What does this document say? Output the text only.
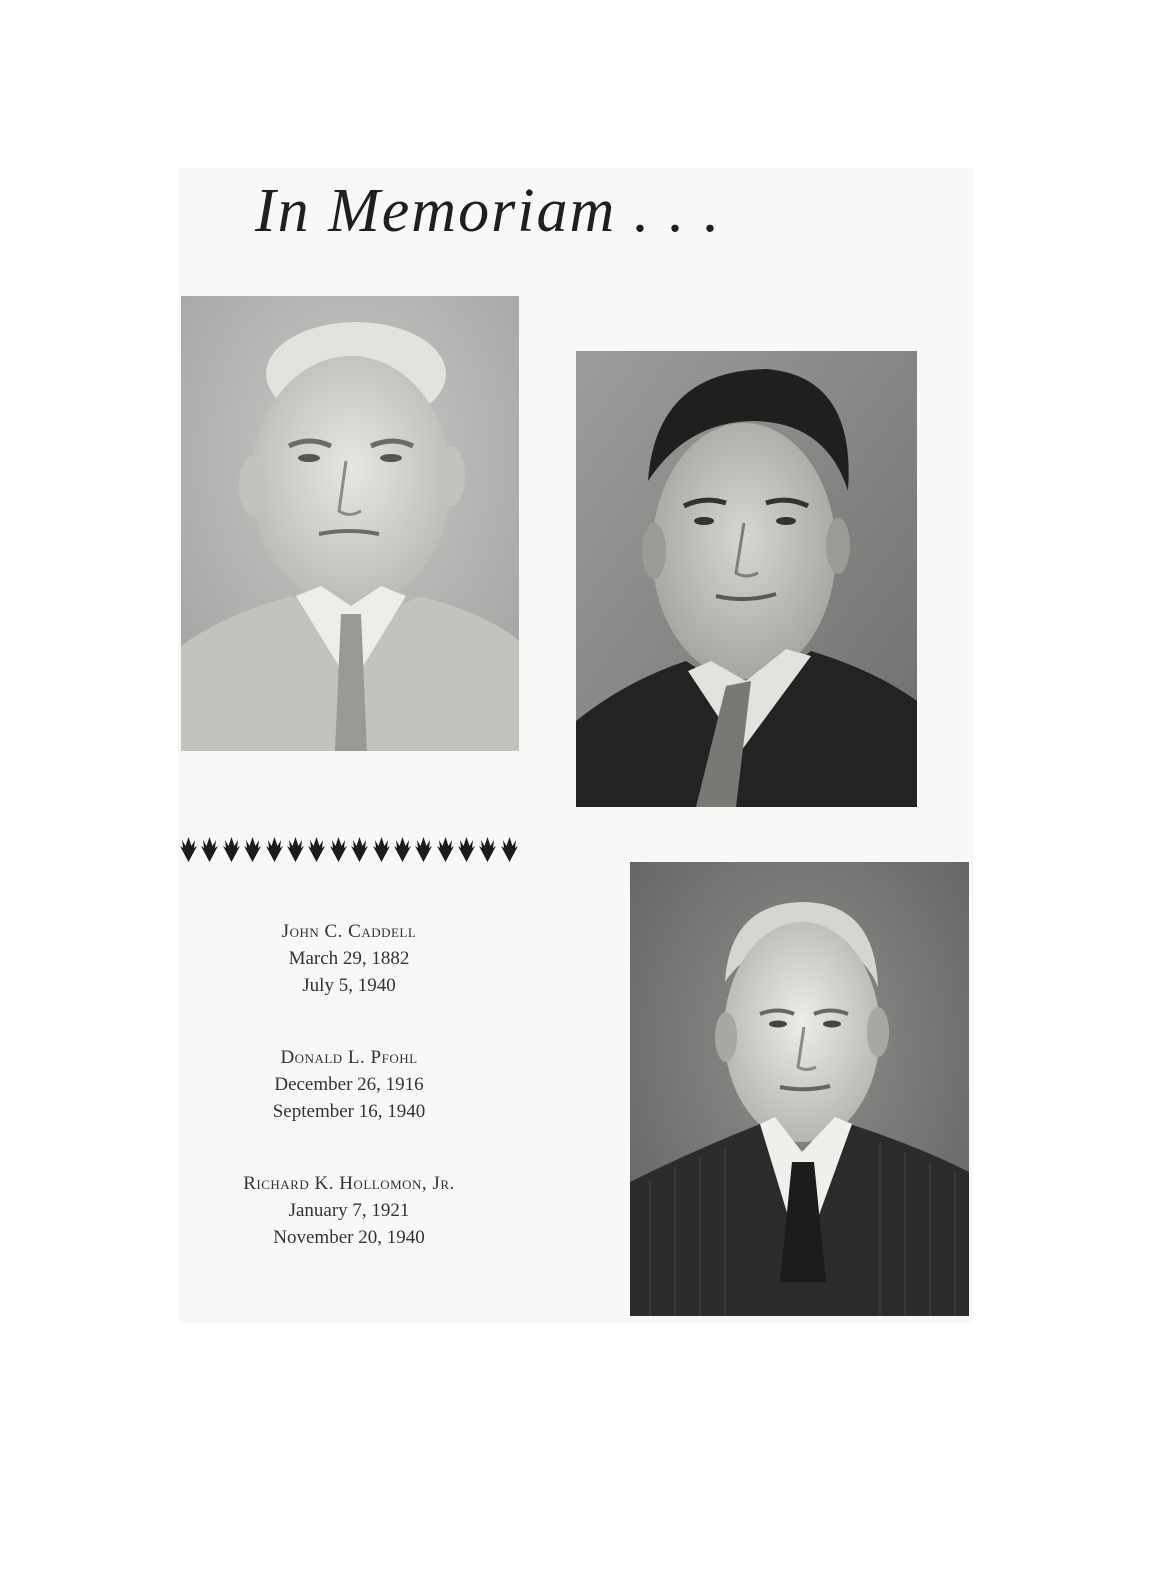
In Memoriam . . .
John C. Caddell
March 29, 1882
July 5, 1940
Donald L. Pfohl
December 26, 1916
September 16, 1940
Richard K. Hollomon, Jr.
January 7, 1921
November 20, 1940
